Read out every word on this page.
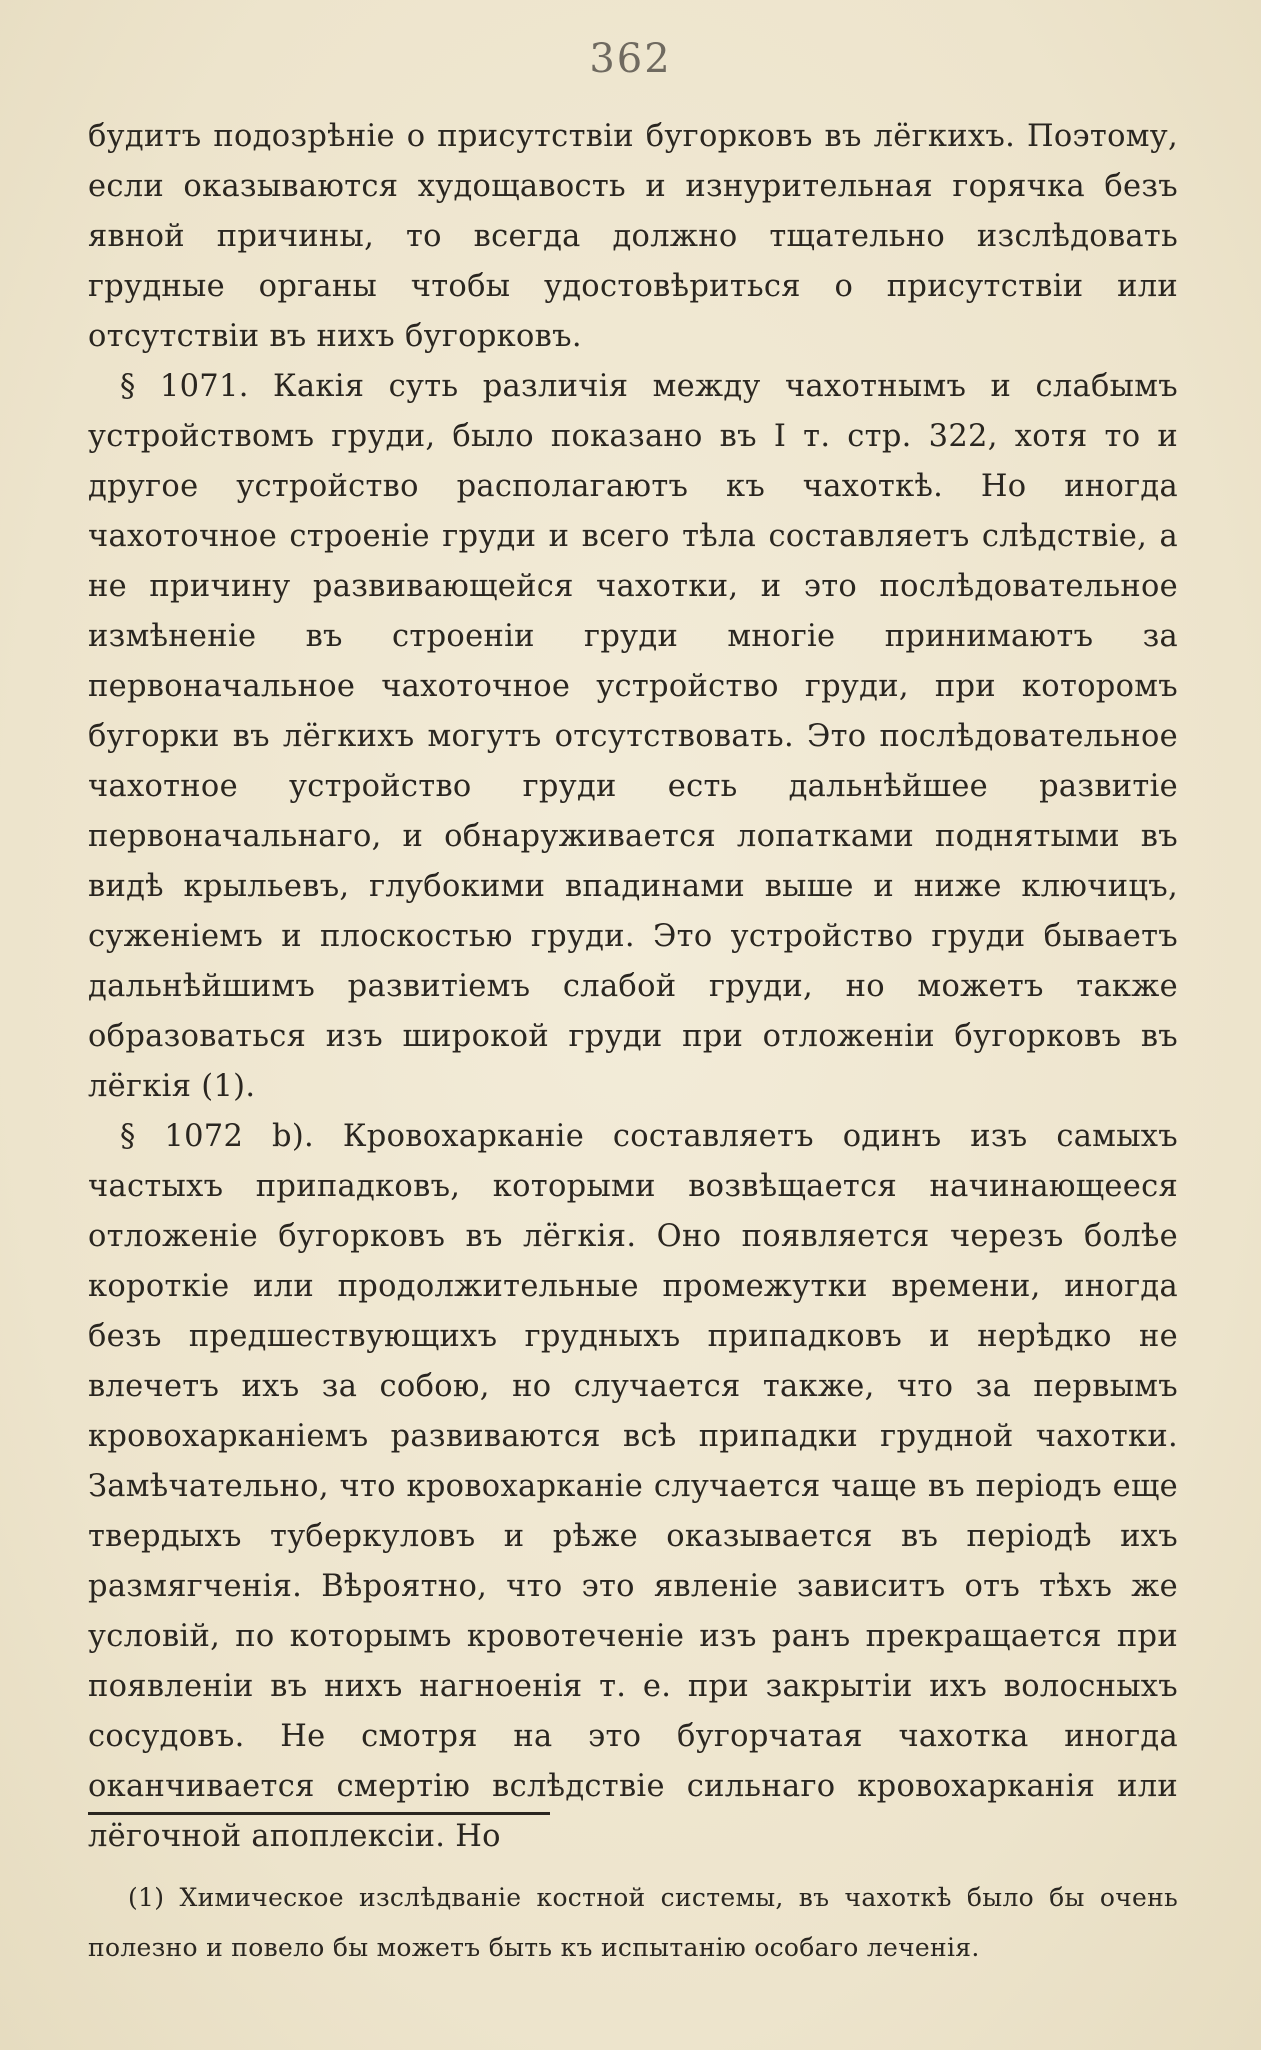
362

будитъ подозрѣніе о присутствіи бугорковъ въ лёгкихъ. Поэтому, если оказываются худощавость и изнурительная горячка безъ явной причины, то всегда должно тщательно изслѣдовать грудные органы чтобы удостовѣриться о присутствіи или отсутствіи въ нихъ бугорковъ.

§ 1071. Какія суть различія между чахотнымъ и слабымъ устройствомъ груди, было показано въ I т. стр. 322, хотя то и другое устройство располагаютъ къ чахоткѣ. Но иногда чахоточное строеніе груди и всего тѣла составляетъ слѣдствіе, а не причину развивающейся чахотки, и это послѣдовательное измѣненіе въ строеніи груди многіе принимаютъ за первоначальное чахоточное устройство груди, при которомъ бугорки въ лёгкихъ могутъ отсутствовать. Это послѣдовательное чахотное устройство груди есть дальнѣйшее развитіе первоначальнаго, и обнаруживается лопатками поднятыми въ видѣ крыльевъ, глубокими впадинами выше и ниже ключицъ, суженіемъ и плоскостью груди. Это устройство груди бываетъ дальнѣйшимъ развитіемъ слабой груди, но можетъ также образоваться изъ широкой груди при отложеніи бугорковъ въ лёгкія (1).

§ 1072 b). Кровохарканіе составляетъ одинъ изъ самыхъ частыхъ припадковъ, которыми возвѣщается начинающееся отложеніе бугорковъ въ лёгкія. Оно появляется черезъ болѣе короткіе или продолжительные промежутки времени, иногда безъ предшествующихъ грудныхъ припадковъ и нерѣдко не влечетъ ихъ за собою, но случается также, что за первымъ кровохарканіемъ развиваются всѣ припадки грудной чахотки. Замѣчательно, что кровохарканіе случается чаще въ періодъ еще твердыхъ туберкуловъ и рѣже оказывается въ періодѣ ихъ размягченія. Вѣроятно, что это явленіе зависитъ отъ тѣхъ же условій, по которымъ кровотеченіе изъ ранъ прекращается при появленіи въ нихъ нагноенія т. е. при закрытіи ихъ волосныхъ сосудовъ. Не смотря на это бугорчатая чахотка иногда оканчивается смертію вслѣдствіе сильнаго кровохарканія или лёгочной апоплексіи. Но

(1) Химическое изслѣдваніе костной системы, въ чахоткѣ было бы очень полезно и повело бы можетъ быть къ испытанію особаго леченія.
